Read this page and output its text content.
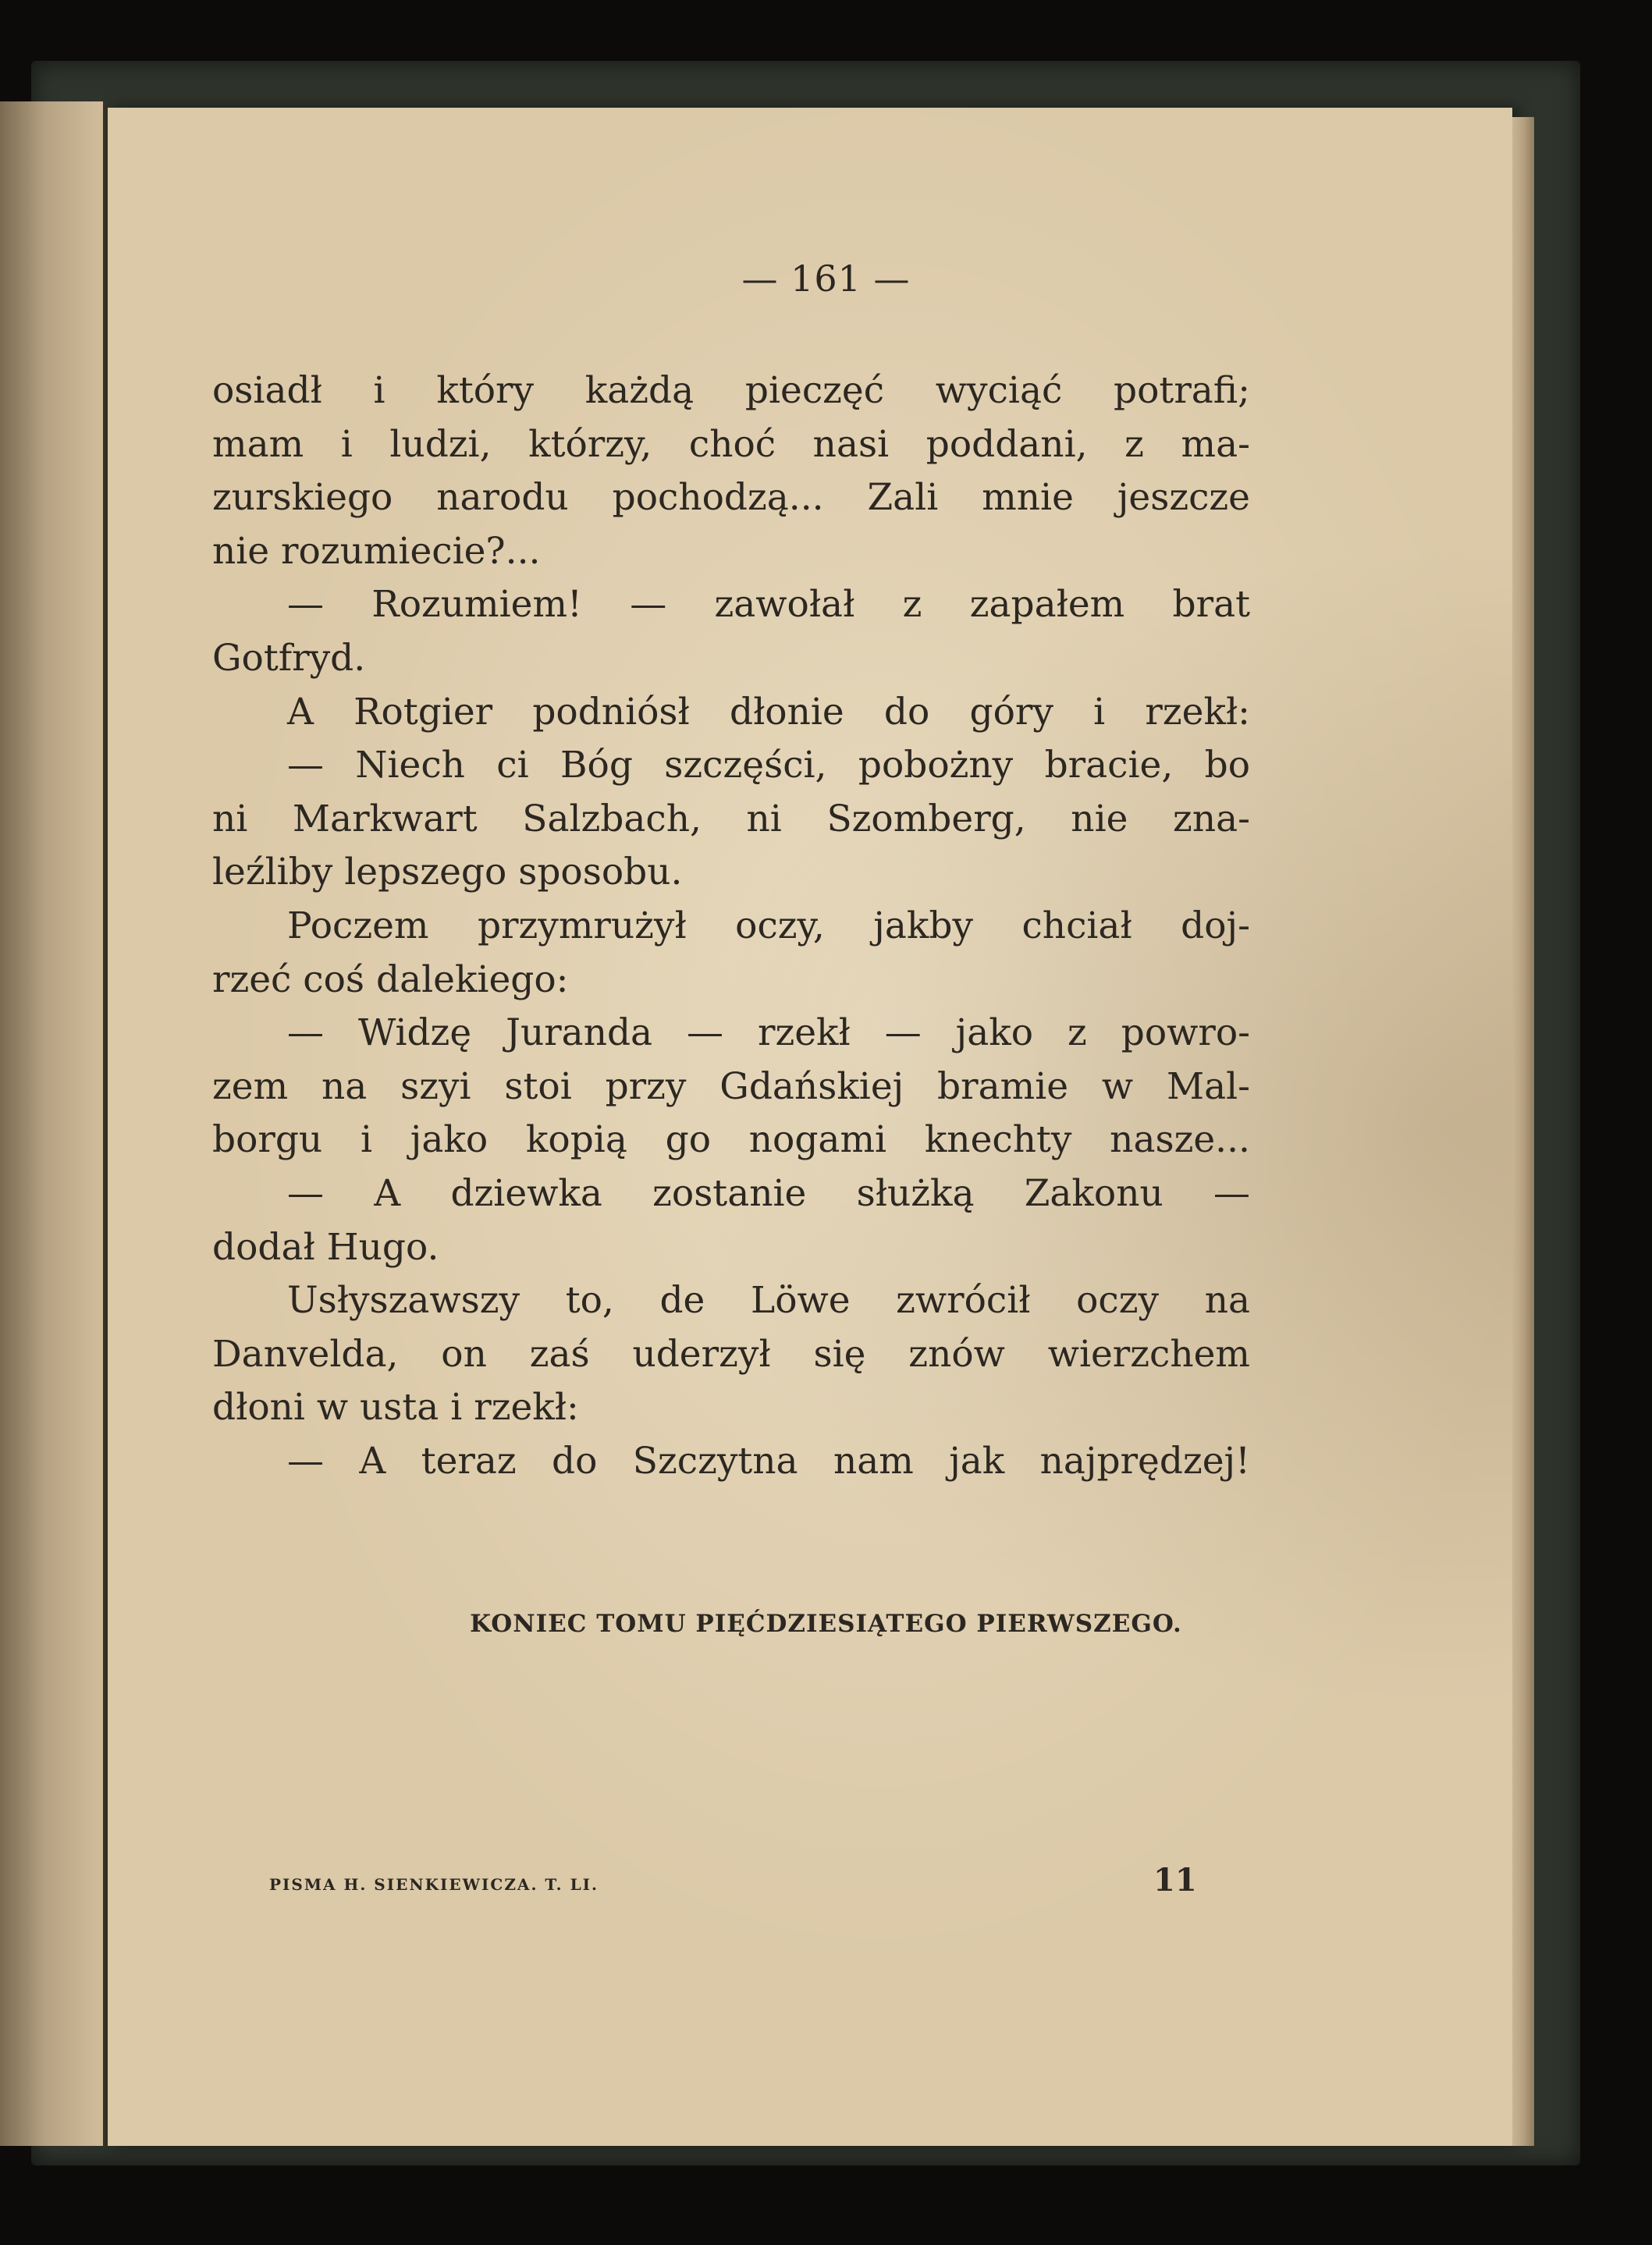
— 161 —
osiadł i który każdą pieczęć wyciąć potrafi;
mam i ludzi, którzy, choć nasi poddani, z ma-
zurskiego narodu pochodzą... Zali mnie jeszcze
nie rozumiecie?...
— Rozumiem! — zawołał z zapałem brat
Gotfryd.
A Rotgier podniósł dłonie do góry i rzekł:
— Niech ci Bóg szczęści, pobożny bracie, bo
ni Markwart Salzbach, ni Szomberg, nie zna-
leźliby lepszego sposobu.
Poczem przymrużył oczy, jakby chciał doj-
rzeć coś dalekiego:
— Widzę Juranda — rzekł — jako z powro-
zem na szyi stoi przy Gdańskiej bramie w Mal-
borgu i jako kopią go nogami knechty nasze...
— A dziewka zostanie służką Zakonu —
dodał Hugo.
Usłyszawszy to, de Löwe zwrócił oczy na
Danvelda, on zaś uderzył się znów wierzchem
dłoni w usta i rzekł:
— A teraz do Szczytna nam jak najprędzej!
KONIEC TOMU PIĘĆDZIESIĄTEGO PIERWSZEGO.
PISMA H. SIENKIEWICZA. T. LI.	11
